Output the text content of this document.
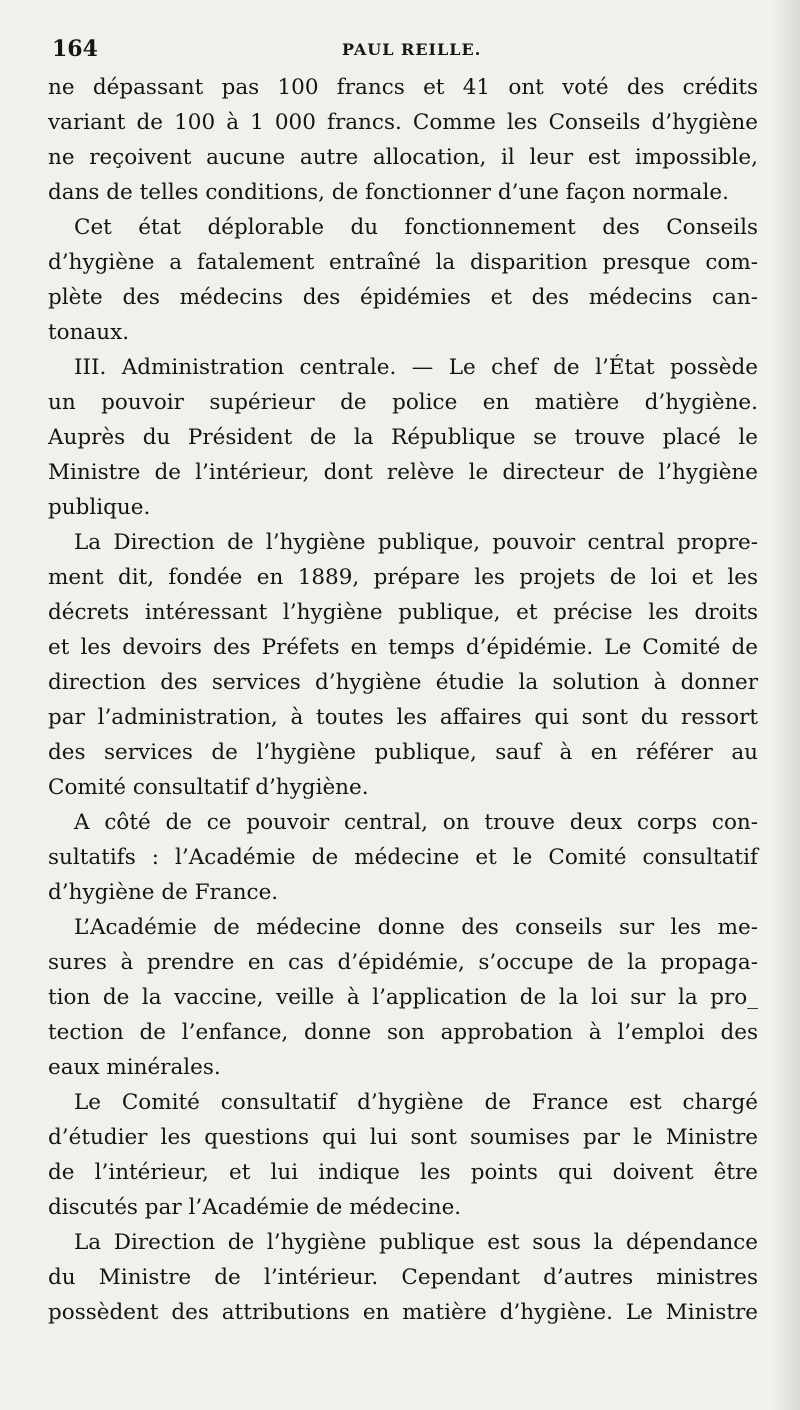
164	PAUL REILLE.
ne dépassant pas 100 francs et 41 ont voté des crédits
variant de 100 à 1 000 francs. Comme les Conseils d’hygiène
ne reçoivent aucune autre allocation, il leur est impossible,
dans de telles conditions, de fonctionner d’une façon normale.
Cet état déplorable du fonctionnement des Conseils
d’hygiène a fatalement entraîné la disparition presque com-
plète des médecins des épidémies et des médecins can-
tonaux.
III. Administration centrale. — Le chef de l’État possède
un pouvoir supérieur de police en matière d’hygiène.
Auprès du Président de la République se trouve placé le
Ministre de l’intérieur, dont relève le directeur de l’hygiène
publique.
La Direction de l’hygiène publique, pouvoir central propre-
ment dit, fondée en 1889, prépare les projets de loi et les
décrets intéressant l’hygiène publique, et précise les droits
et les devoirs des Préfets en temps d’épidémie. Le Comité de
direction des services d’hygiène étudie la solution à donner
par l’administration, à toutes les affaires qui sont du ressort
des services de l’hygiène publique, sauf à en référer au
Comité consultatif d’hygiène.
A côté de ce pouvoir central, on trouve deux corps con-
sultatifs : l’Académie de médecine et le Comité consultatif
d’hygiène de France.
L’Académie de médecine donne des conseils sur les me-
sures à prendre en cas d’épidémie, s’occupe de la propaga-
tion de la vaccine, veille à l’application de la loi sur la pro_
tection de l’enfance, donne son approbation à l’emploi des
eaux minérales.
Le Comité consultatif d’hygiène de France est chargé
d’étudier les questions qui lui sont soumises par le Ministre
de l’intérieur, et lui indique les points qui doivent être
discutés par l’Académie de médecine.
La Direction de l’hygiène publique est sous la dépendance
du Ministre de l’intérieur. Cependant d’autres ministres
possèdent des attributions en matière d’hygiène. Le Ministre
